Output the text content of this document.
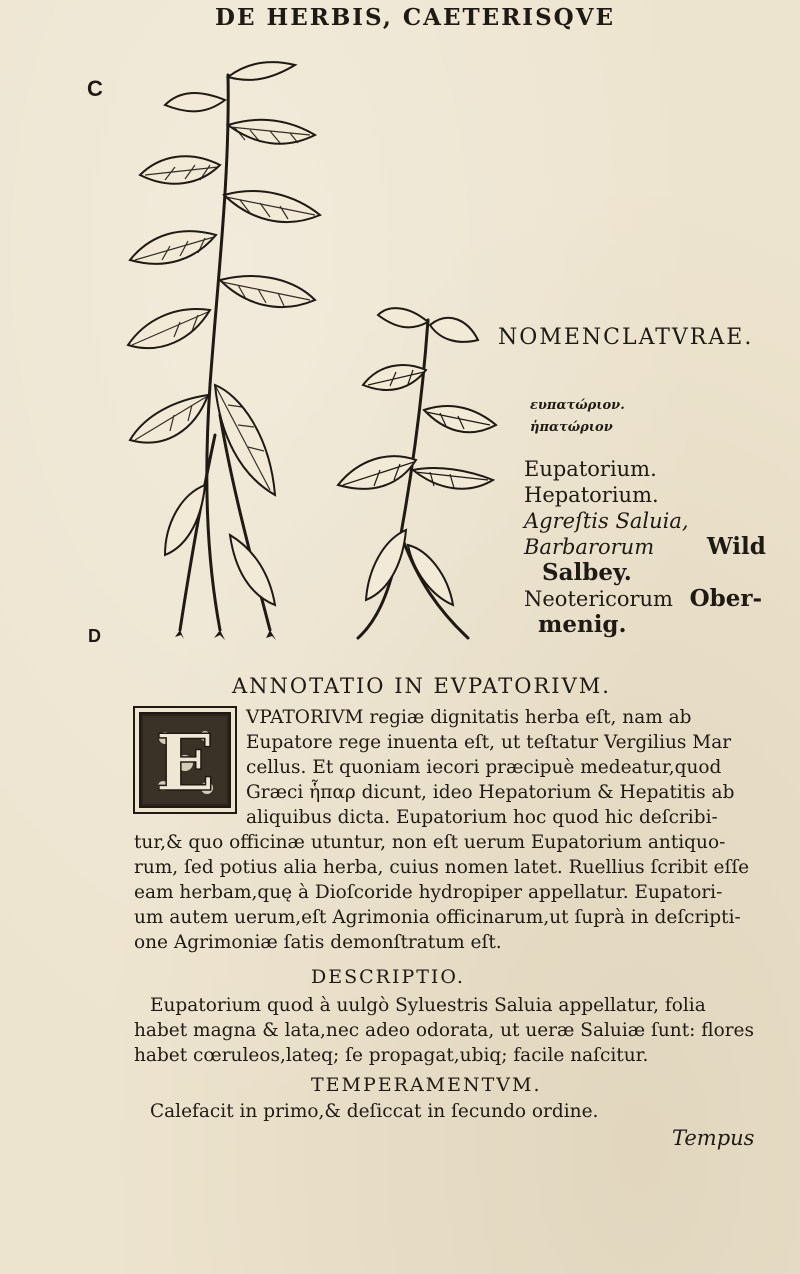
DE HERBIS, CAETERISQVE
C
D
NOMENCLATVRAE.
ευπατώριον.
ἡπατώριον
Eupatorium.
Hepatorium.
Agreſtis Saluia,
Barbarorum Wild
Salbey.
Neotericorum Ober-
menig.
ANNOTATIO IN EVPATORIVM.
E
VPATORIVM regiæ dignitatis herba eſt, nam ab
Eupatore rege inuenta eſt, ut teſtatur Vergilius Mar
cellus. Et quoniam iecori præcipuè medeatur,quod
Græci ἧπαρ dicunt, ideo Hepatorium & Hepatitis ab
aliquibus dicta. Eupatorium hoc quod hic deſcribi-
tur,& quo officinæ utuntur, non eſt uerum Eupatorium antiquo-
rum, ſed potius alia herba, cuius nomen latet. Ruellius ſcribit eſſe
eam herbam,quę à Dioſcoride hydropiper appellatur. Eupatori-
um autem uerum,eſt Agrimonia officinarum,ut ſuprà in deſcripti-
one Agrimoniæ ſatis demonſtratum eſt.
DESCRIPTIO.
Eupatorium quod à uulgò Syluestris Saluia appellatur, folia
habet magna & lata,nec adeo odorata, ut ueræ Saluiæ ſunt: flores
habet cœruleos,lateq; ſe propagat,ubiq; facile naſcitur.
TEMPERAMENTVM.
Calefacit in primo,& deſiccat in ſecundo ordine.
Tempus
